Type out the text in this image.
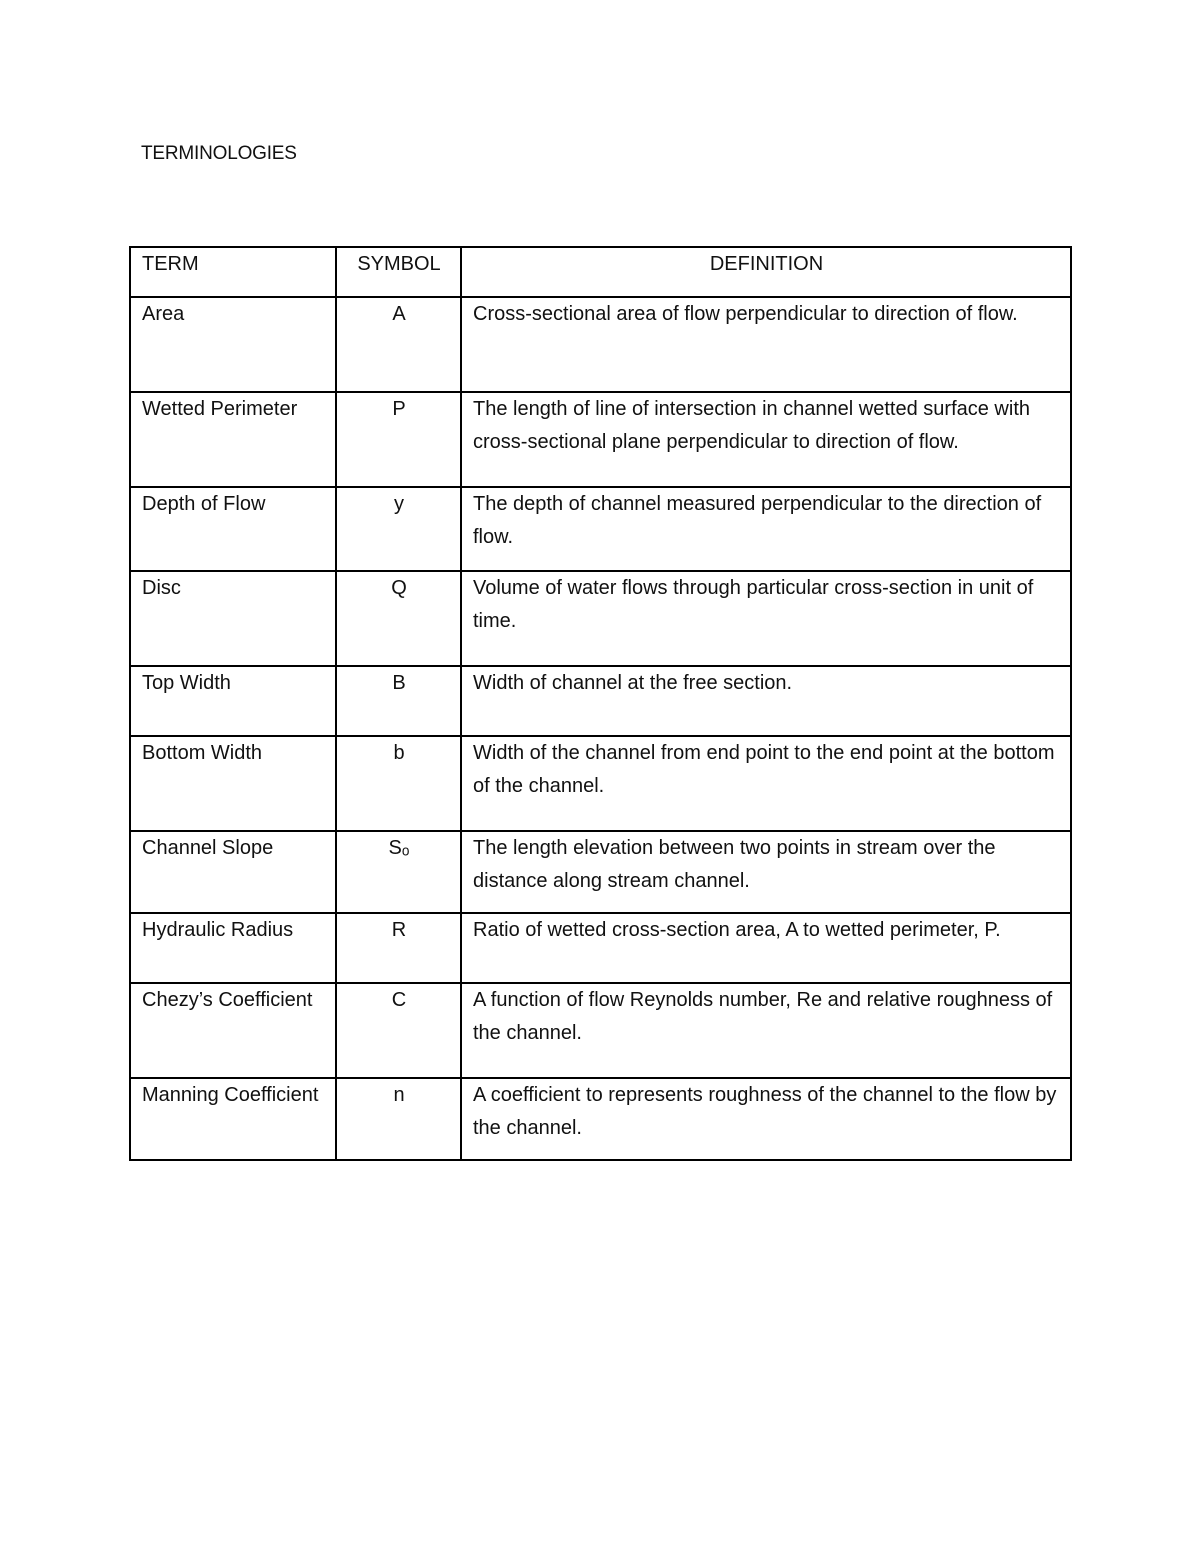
TERMINOLOGIES
TERM	SYMBOL	DEFINITION
Area	A	Cross-sectional area of flow perpendicular to direction of flow.
Wetted Perimeter	P	The length of line of intersection in channel wetted surface with cross-sectional plane perpendicular to direction of flow.
Depth of Flow	y	The depth of channel measured perpendicular to the direction of flow.
Disc	Q	Volume of water flows through particular cross-section in unit of time.
Top Width	B	Width of channel at the free section.
Bottom Width	b	Width of the channel from end point to the end point at the bottom of the channel.
Channel Slope	Sₒ	The length elevation between two points in stream over the distance along stream channel.
Hydraulic Radius	R	Ratio of wetted cross-section area, A to wetted perimeter, P.
Chezy’s Coefficient	C	A function of flow Reynolds number, Re and relative roughness of the channel.
Manning Coefficient	n	A coefficient to represents roughness of the channel to the flow by the channel.
